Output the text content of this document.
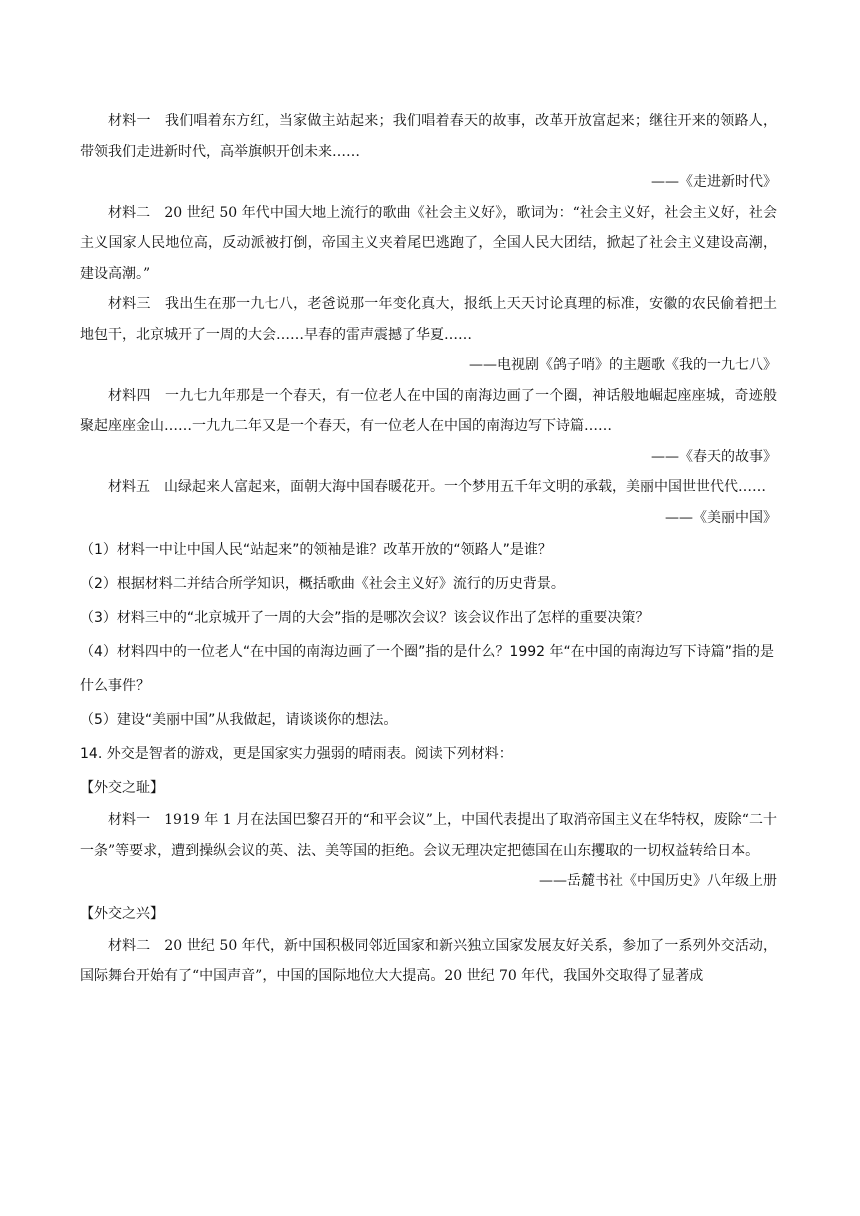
材料一　我们唱着东方红，当家做主站起来；我们唱着春天的故事，改革开放富起来；继往开来的领路人，带领我们走进新时代，高举旗帜开创未来……

——《走进新时代》

材料二　20 世纪 50 年代中国大地上流行的歌曲《社会主义好》，歌词为：“社会主义好，社会主义好，社会主义国家人民地位高，反动派被打倒，帝国主义夹着尾巴逃跑了，全国人民大团结，掀起了社会主义建设高潮，建设高潮。”

材料三　我出生在那一九七八，老爸说那一年变化真大，报纸上天天讨论真理的标准，安徽的农民偷着把土地包干，北京城开了一周的大会……早春的雷声震撼了华夏……

——电视剧《鸽子哨》的主题歌《我的一九七八》

材料四　一九七九年那是一个春天，有一位老人在中国的南海边画了一个圈，神话般地崛起座座城，奇迹般聚起座座金山……一九九二年又是一个春天，有一位老人在中国的南海边写下诗篇……

——《春天的故事》

材料五　山绿起来人富起来，面朝大海中国春暖花开。一个梦用五千年文明的承载，美丽中国世世代代……

——《美丽中国》

（1）材料一中让中国人民“站起来”的领袖是谁？改革开放的“领路人”是谁？

（2）根据材料二并结合所学知识，概括歌曲《社会主义好》流行的历史背景。

（3）材料三中的“北京城开了一周的大会”指的是哪次会议？该会议作出了怎样的重要决策？

（4）材料四中的一位老人“在中国的南海边画了一个圈”指的是什么？1992 年“在中国的南海边写下诗篇”指的是什么事件？

（5）建设“美丽中国”从我做起，请谈谈你的想法。

14. 外交是智者的游戏，更是国家实力强弱的晴雨表。阅读下列材料：

【外交之耻】

材料一　1919 年 1 月在法国巴黎召开的“和平会议”上，中国代表提出了取消帝国主义在华特权，废除“二十一条”等要求，遭到操纵会议的英、法、美等国的拒绝。会议无理决定把德国在山东攫取的一切权益转给日本。

——岳麓书社《中国历史》八年级上册

【外交之兴】

材料二　20 世纪 50 年代，新中国积极同邻近国家和新兴独立国家发展友好关系，参加了一系列外交活动，国际舞台开始有了“中国声音”，中国的国际地位大大提高。20 世纪 70 年代，我国外交取得了显著成
